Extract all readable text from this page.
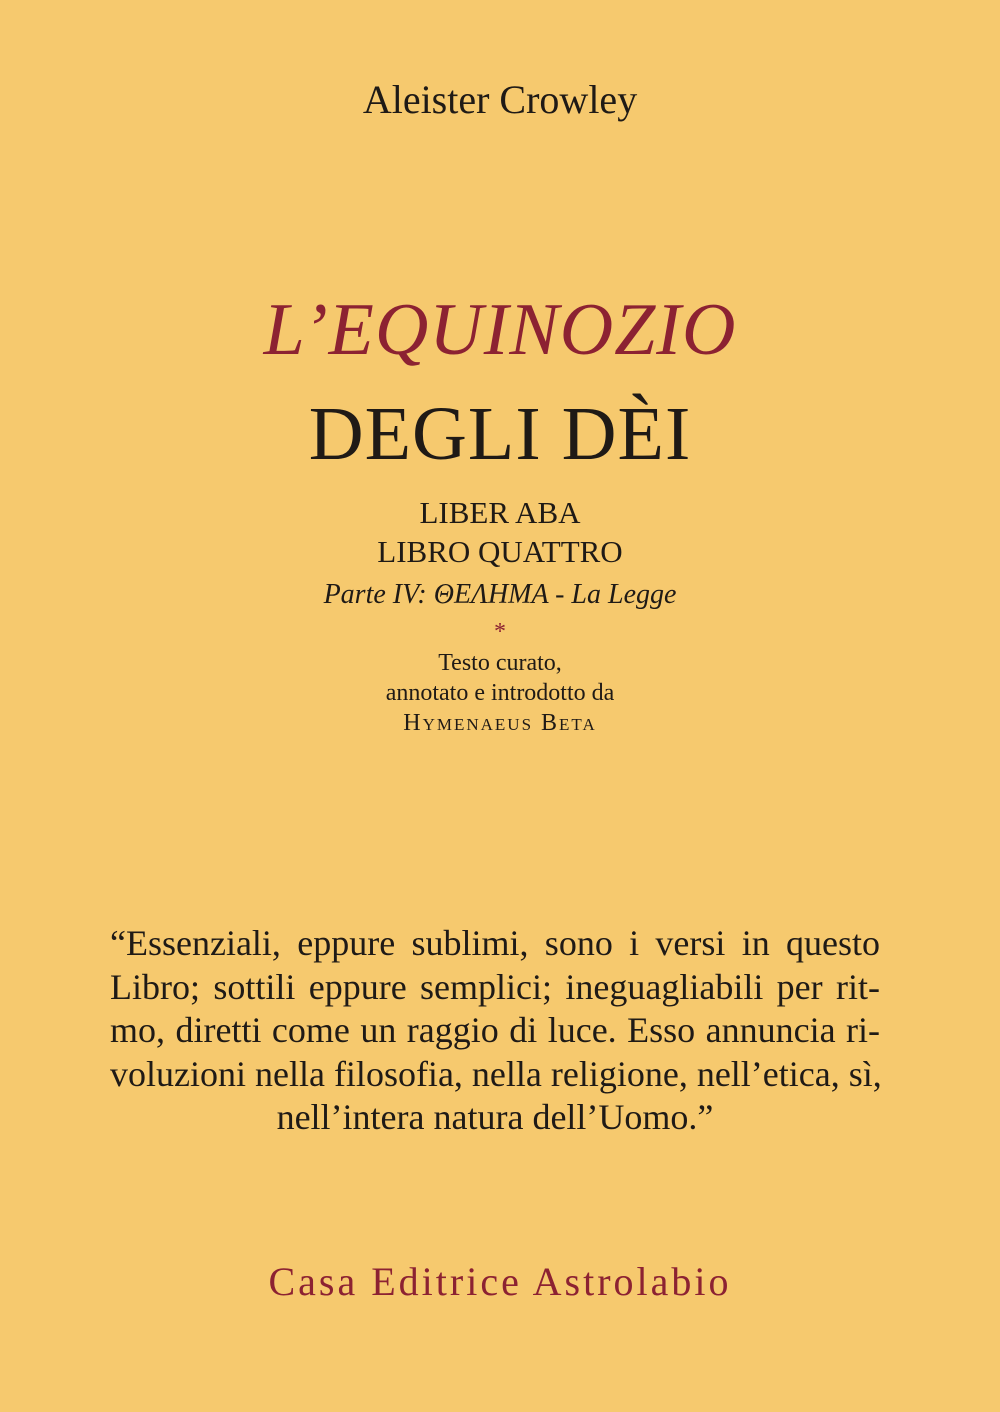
Aleister Crowley
L’EQUINOZIO
DEGLI DÈI
LIBER ABA
LIBRO QUATTRO
Parte IV: ΘΕΛΗΜΑ - La Legge
*
Testo curato,
annotato e introdotto da
Hymenaeus Beta
“Essenziali, eppure sublimi, sono i versi in questo
Libro; sottili eppure semplici; ineguagliabili per rit-
mo, diretti come un raggio di luce. Esso annuncia ri-
voluzioni nella filosofia, nella religione, nell’etica, sì,
nell’intera natura dell’Uomo.”
Casa Editrice Astrolabio
